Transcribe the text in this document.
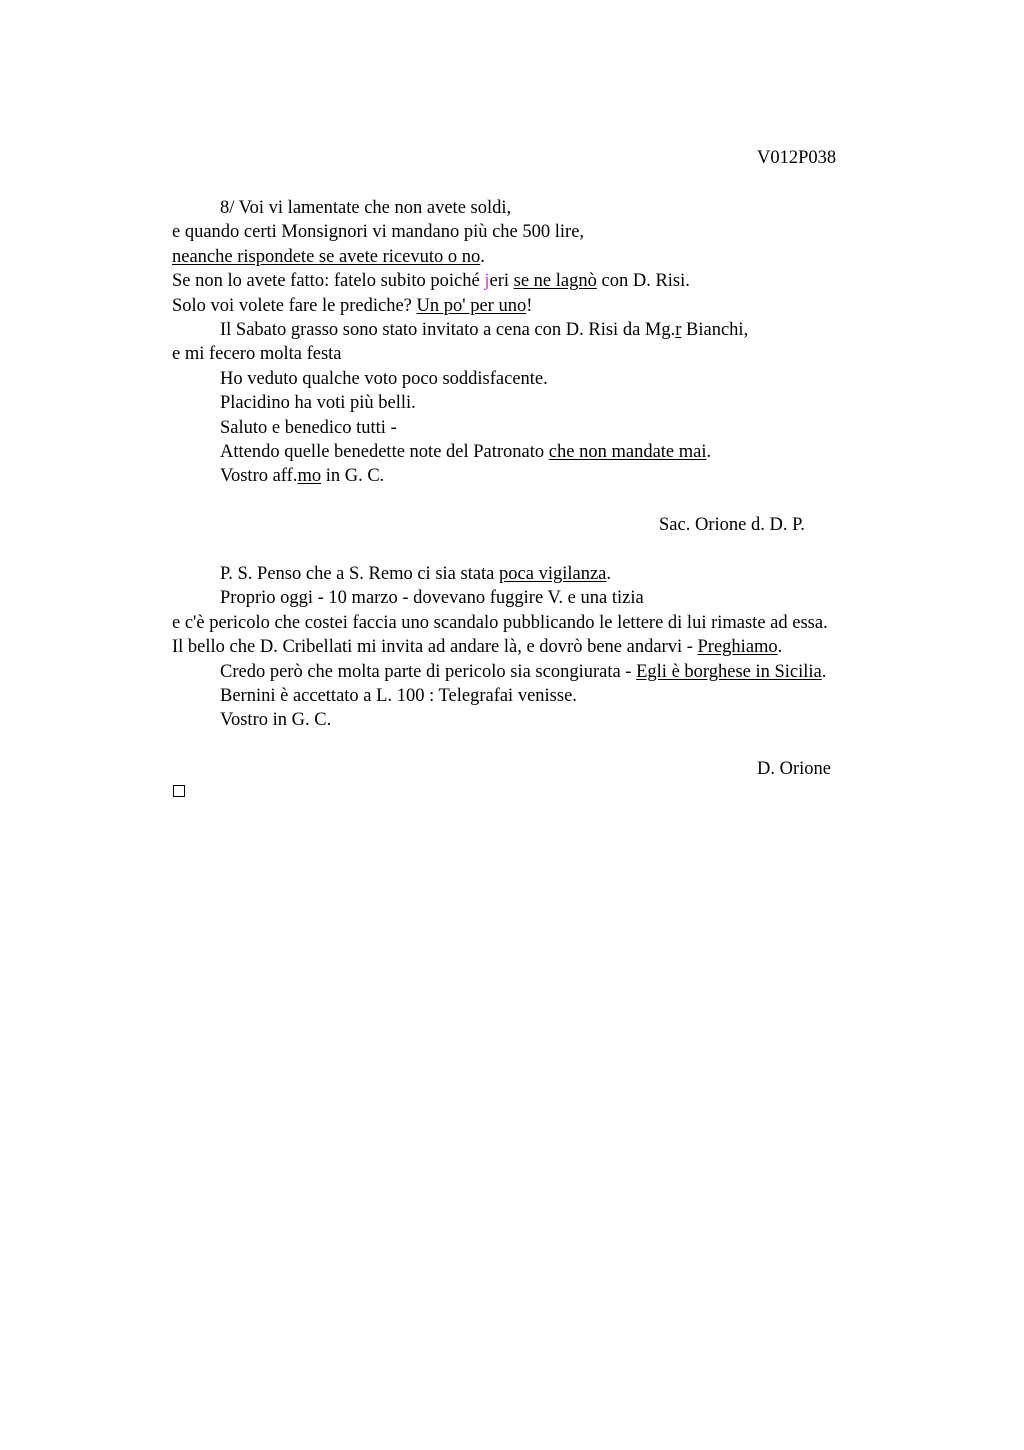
V012P038
8/ Voi vi lamentate che non avete soldi,
e quando certi Monsignori vi mandano più che 500 lire,
neanche rispondete se avete ricevuto o no.
Se non lo avete fatto: fatelo subito poiché jeri se ne lagnò con D. Risi.
Solo voi volete fare le prediche? Un po' per uno!
Il Sabato grasso sono stato invitato a cena con D. Risi da Mg.r Bianchi,
e mi fecero molta festa
Ho veduto qualche voto poco soddisfacente.
Placidino ha voti più belli.
Saluto e benedico tutti -
Attendo quelle benedette note del Patronato che non mandate mai.
Vostro aff.mo in G. C.
Sac. Orione d. D. P.
P. S. Penso che a S. Remo ci sia stata poca vigilanza.
Proprio oggi - 10 marzo - dovevano fuggire V. e una tizia
e c'è pericolo che costei faccia uno scandalo pubblicando le lettere di lui rimaste ad essa.
Il bello che D. Cribellati mi invita ad andare là, e dovrò bene andarvi - Preghiamo.
Credo però che molta parte di pericolo sia scongiurata - Egli è borghese in Sicilia.
Bernini è accettato a L. 100 : Telegrafai venisse.
Vostro in G. C.
D. Orione
